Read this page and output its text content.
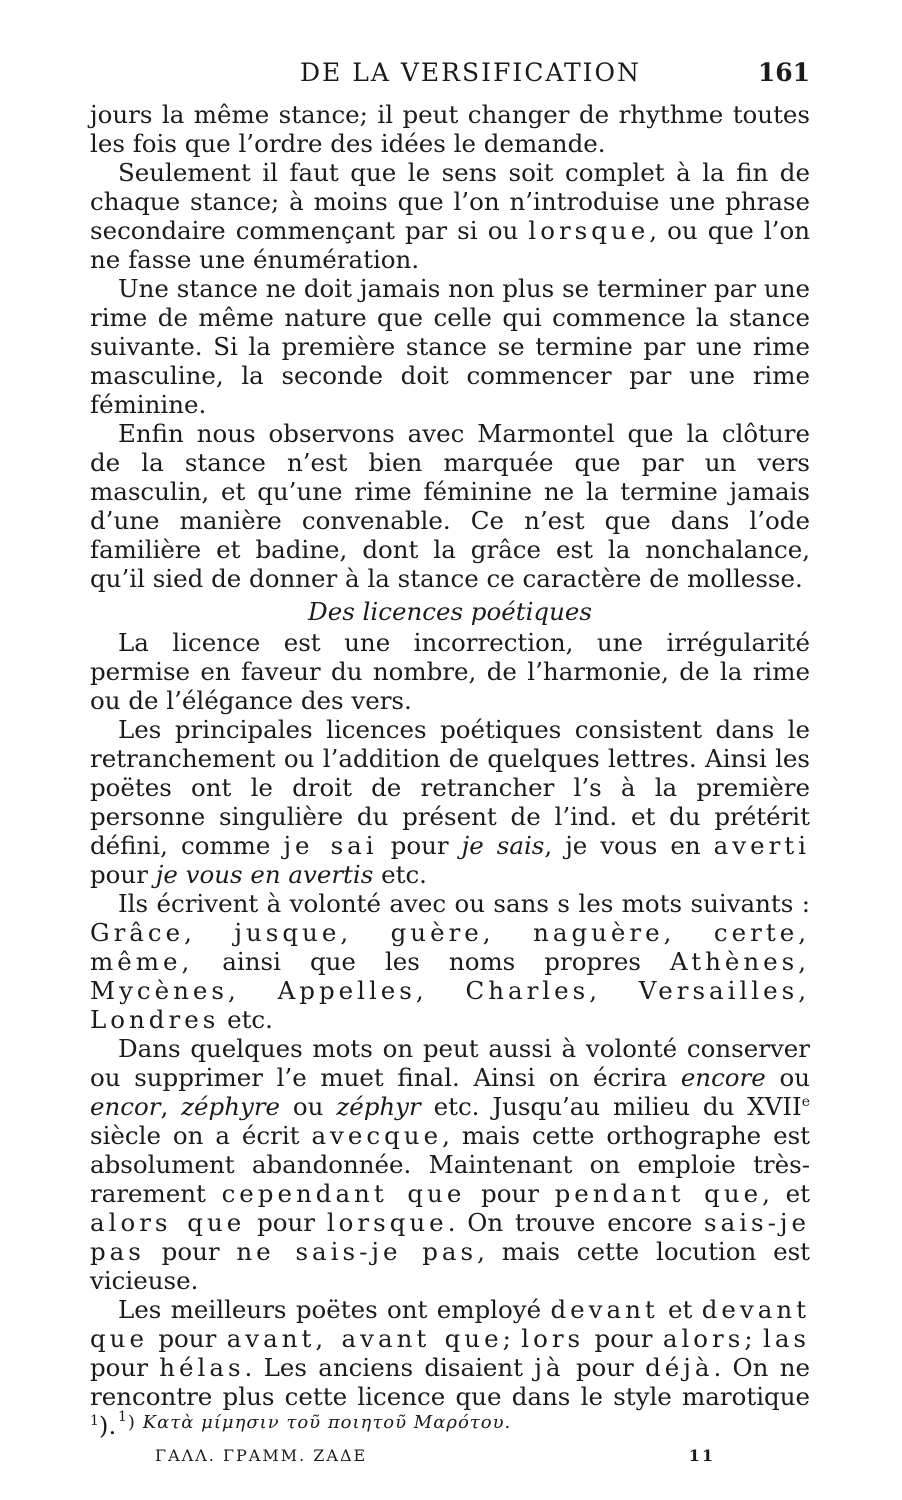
DE LA VERSIFICATION	161

jours la même stance; il peut changer de rhythme toutes les fois que l’ordre des idées le demande.

Seulement il faut que le sens soit complet à la fin de chaque stance; à moins que l’on n’introduise une phrase secondaire commençant par si ou lorsque, ou que l’on ne fasse une énumération.

Une stance ne doit jamais non plus se terminer par une rime de même nature que celle qui commence la stance suivante. Si la première stance se termine par une rime masculine, la seconde doit commencer par une rime féminine.

Enfin nous observons avec Marmontel que la clôture de la stance n’est bien marquée que par un vers masculin, et qu’une rime féminine ne la termine jamais d’une manière convenable. Ce n’est que dans l’ode familière et badine, dont la grâce est la nonchalance, qu’il sied de donner à la stance ce caractère de mollesse.

Des licences poétiques

La licence est une incorrection, une irrégularité permise en faveur du nombre, de l’harmonie, de la rime ou de l’élégance des vers.

Les principales licences poétiques consistent dans le retranchement ou l’addition de quelques lettres. Ainsi les poëtes ont le droit de retrancher l’s à la première personne singulière du présent de l’ind. et du prétérit défini, comme je sai pour je sais, je vous en averti pour je vous en avertis etc.

Ils écrivent à volonté avec ou sans s les mots suivants : Grâce, jusque, guère, naguère, certe, même, ainsi que les noms propres Athènes, Mycènes, Appelles, Charles, Versailles, Londres etc.

Dans quelques mots on peut aussi à volonté conserver ou supprimer l’e muet final. Ainsi on écrira encore ou encor, zéphyre ou zéphyr etc. Jusqu’au milieu du XVIIe siècle on a écrit avecque, mais cette orthographe est absolument abandonnée. Maintenant on emploie très-rarement cependant que pour pendant que, et alors que pour lorsque. On trouve encore sais-je pas pour ne sais-je pas, mais cette locution est vicieuse.

Les meilleurs poëtes ont employé devant et devant que pour avant, avant que; lors pour alors; las pour hélas. Les anciens disaient jà pour déjà. On ne rencontre plus cette licence que dans le style marotique $^1$). $^1$) Κατὰ μίμησιν τοῦ ποιητοῦ Μαρότου.
ΓΑΛΛ. ΓΡΑΜΜ. ΖΑΔΕ	11
